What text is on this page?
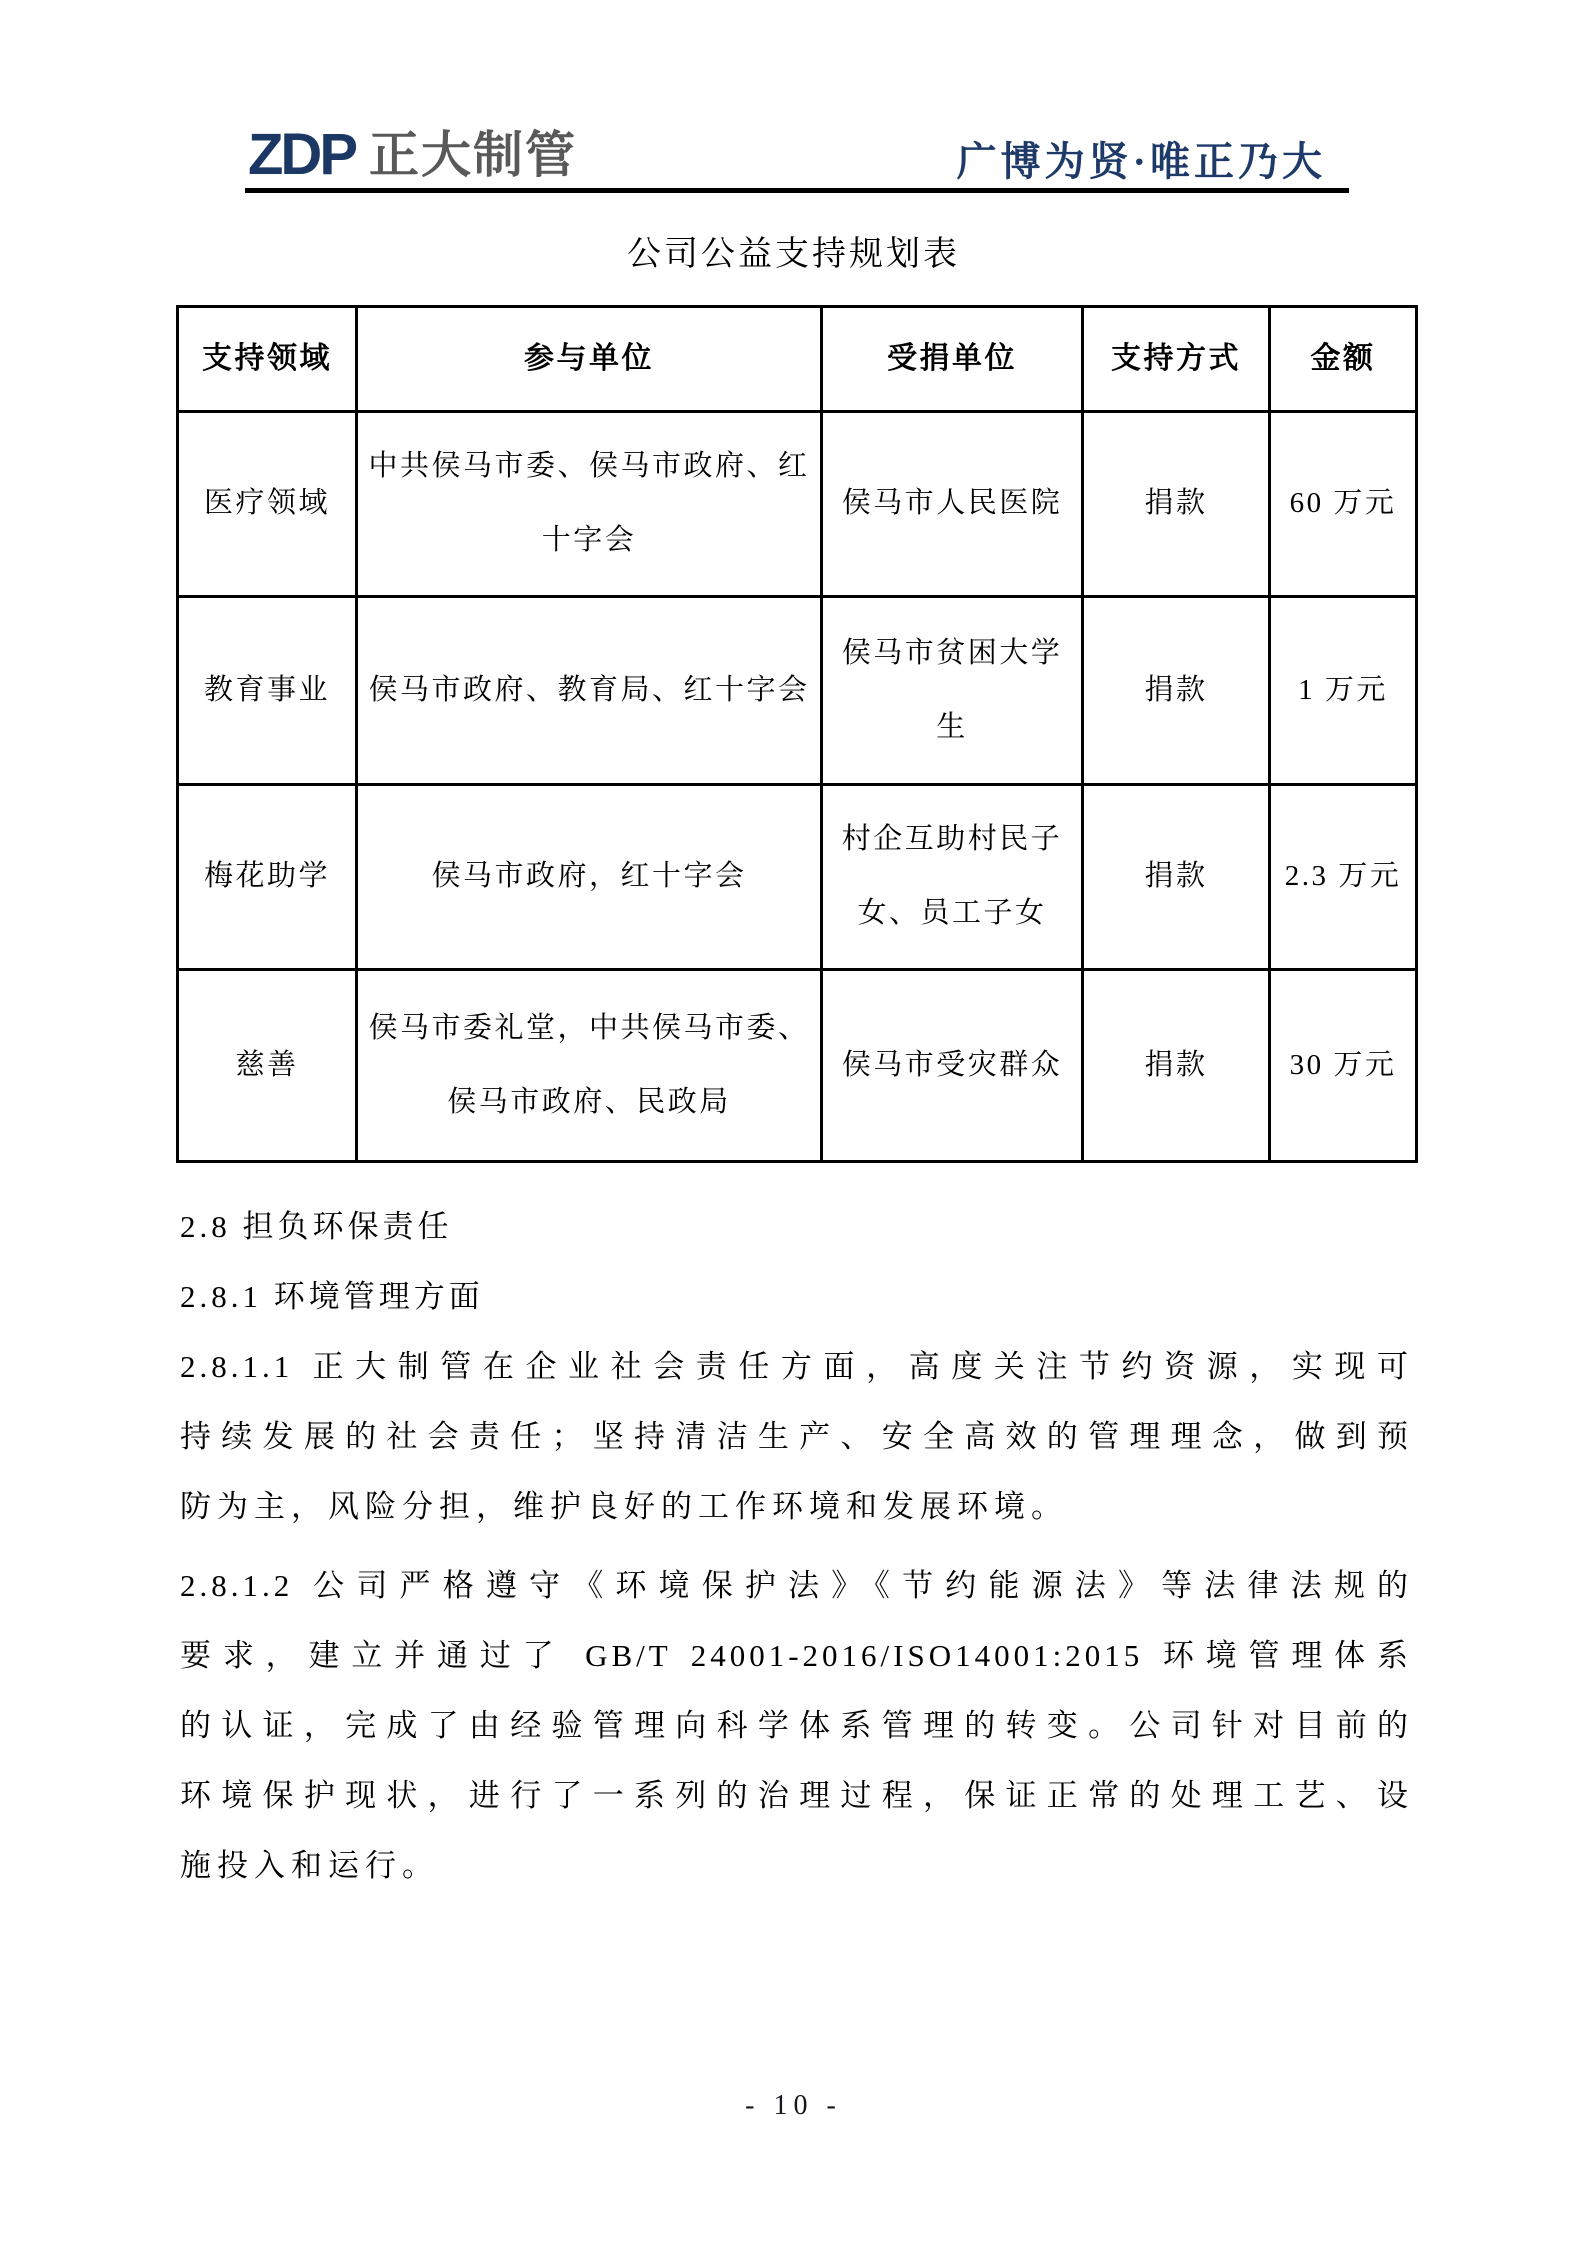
ZDP 正大制管	广博为贤·唯正乃大
公司公益支持规划表
支持领域	参与单位	受捐单位	支持方式	金额
医疗领域	中共侯马市委、侯马市政府、红十字会	侯马市人民医院	捐款	60 万元
教育事业	侯马市政府、教育局、红十字会	侯马市贫困大学生	捐款	1 万元
梅花助学	侯马市政府，红十字会	村企互助村民子女、员工子女	捐款	2.3 万元
慈善	侯马市委礼堂，中共侯马市委、侯马市政府、民政局	侯马市受灾群众	捐款	30 万元
2.8 担负环保责任
2.8.1 环境管理方面
2.8.1.1 正大制管在企业社会责任方面，高度关注节约资源，实现可
持续发展的社会责任；坚持清洁生产、安全高效的管理理念，做到预
防为主，风险分担，维护良好的工作环境和发展环境。
2.8.1.2 公司严格遵守《环境保护法》《节约能源法》等法律法规的
要求，建立并通过了 GB/T 24001-2016/ISO14001:2015 环境管理体系
的认证，完成了由经验管理向科学体系管理的转变。公司针对目前的
环境保护现状，进行了一系列的治理过程，保证正常的处理工艺、设
施投入和运行。
- 10 -
